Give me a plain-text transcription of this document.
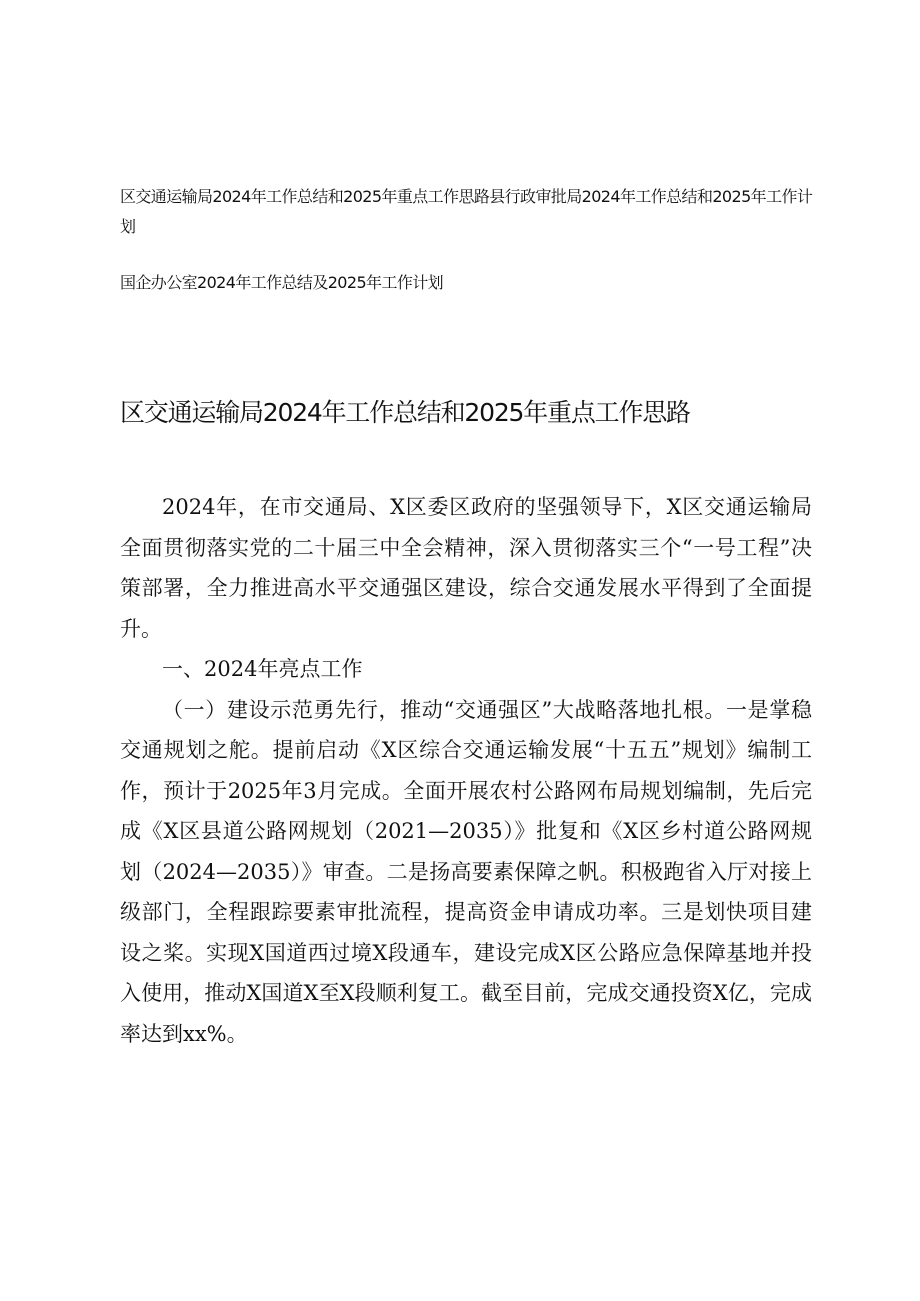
区交通运输局2024年工作总结和2025年重点工作思路县行政审批局2024年工作总结和2025年工作计划
国企办公室2024年工作总结及2025年工作计划
区交通运输局2024年工作总结和2025年重点工作思路

2024年，在市交通局、X区委区政府的坚强领导下，X区交通运输局全面贯彻落实党的二十届三中全会精神，深入贯彻落实三个“一号工程”决策部署，全力推进高水平交通强区建设，综合交通发展水平得到了全面提升。

一、2024年亮点工作

（一）建设示范勇先行，推动“交通强区”大战略落地扎根。一是掌稳交通规划之舵。提前启动《X区综合交通运输发展“十五五”规划》编制工作，预计于2025年3月完成。全面开展农村公路网布局规划编制，先后完成《X区县道公路网规划（2021—2035）》批复和《X区乡村道公路网规划（2024—2035）》审查。二是扬高要素保障之帆。积极跑省入厅对接上级部门，全程跟踪要素审批流程，提高资金申请成功率。三是划快项目建设之桨。实现X国道西过境X段通车，建设完成X区公路应急保障基地并投入使用，推动X国道X至X段顺利复工。截至目前，完成交通投资X亿，完成率达到xx%。
